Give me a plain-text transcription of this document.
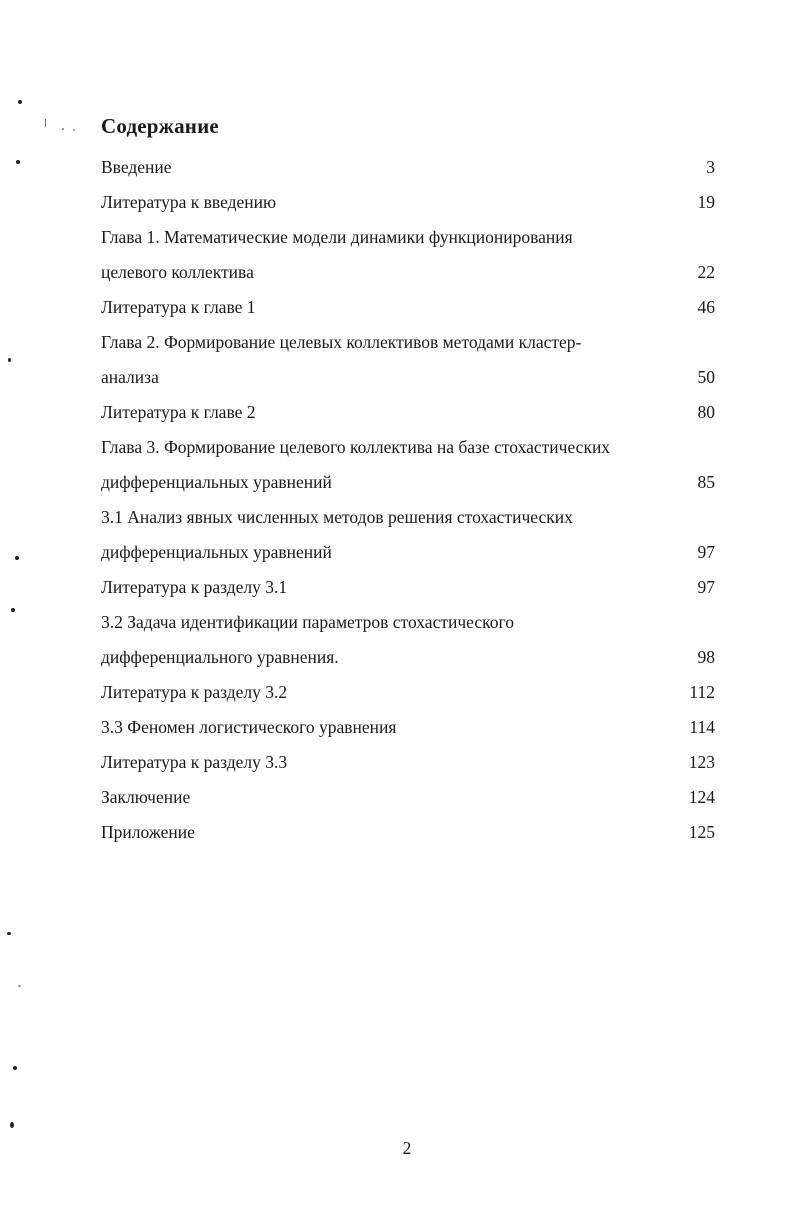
Содержание
Введение	3
Литература к введению	19
Глава 1. Математические модели динамики функционирования
целевого коллектива	22
Литература к главе 1	46
Глава 2. Формирование целевых коллективов методами кластер-
анализа	50
Литература к главе 2	80
Глава 3. Формирование целевого коллектива на базе стохастических
дифференциальных уравнений	85
3.1 Анализ явных численных методов решения стохастических
дифференциальных уравнений	97
Литература к разделу 3.1	97
3.2 Задача идентификации параметров стохастического
дифференциального уравнения.	98
Литература к разделу 3.2	112
3.3 Феномен логистического уравнения	114
Литература к разделу 3.3	123
Заключение	124
Приложение	125
2
